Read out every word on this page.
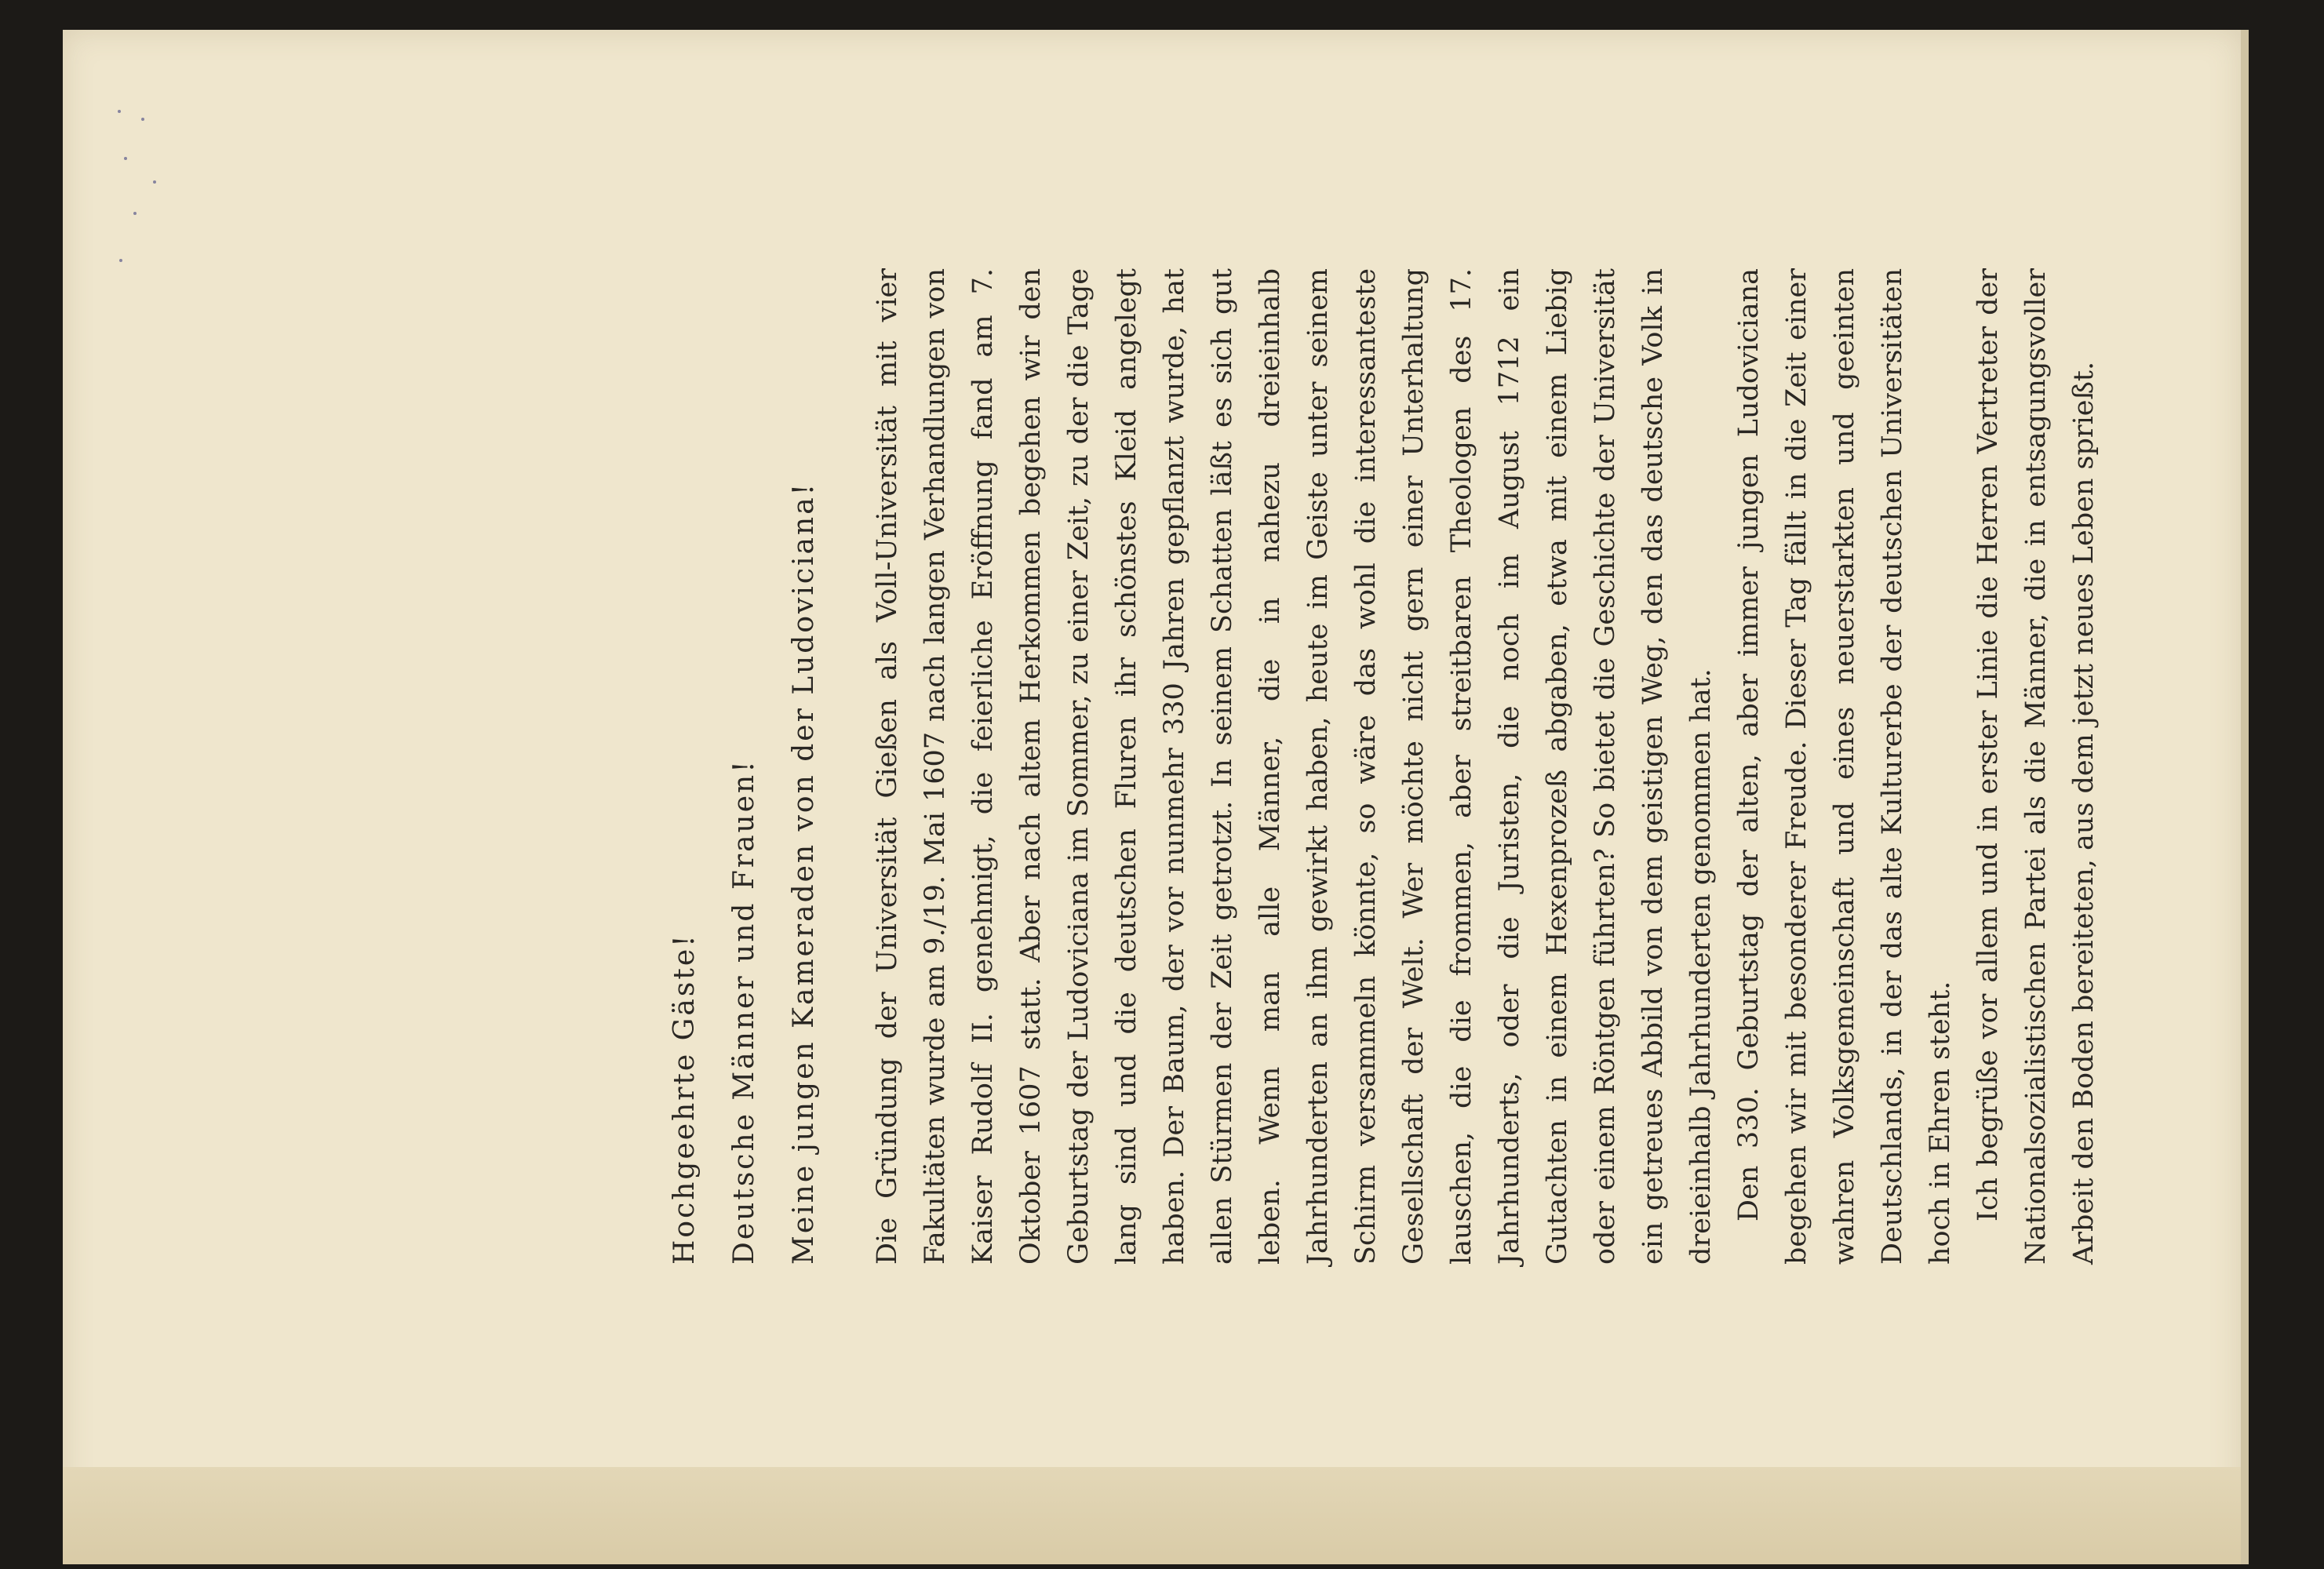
Hochgeehrte Gäste! Deutsche Männer und Frauen! Meine jungen Kameraden von der Ludoviciana!	Die Gründung der Universität Gießen als Voll-Universität mit vier Fakultäten wurde am 9./19. Mai 1607 nach langen Verhandlungen von Kaiser Rudolf II. genehmigt, die feierliche Eröffnung fand am 7. Oktober 1607 statt. Aber nach altem Herkommen begehen wir den Geburtstag der Ludoviciana im Sommer, zu einer Zeit, zu der die Tage lang sind und die deutschen Fluren ihr schönstes Kleid angelegt haben. Der Baum, der vor nunmehr 330 Jahren gepflanzt wurde, hat allen Stürmen der Zeit getrotzt. In seinem Schatten läßt es sich gut leben. Wenn man alle Männer, die in nahezu dreieinhalb Jahrhunderten an ihm gewirkt haben, heute im Geiste unter seinem Schirm versammeln könnte, so wäre das wohl die interessanteste Gesellschaft der Welt. Wer möchte nicht gern einer Unterhaltung lauschen, die die frommen, aber streitbaren Theologen des 17. Jahrhunderts, oder die Juristen, die noch im August 1712 ein Gutachten in einem Hexenprozeß abgaben, etwa mit einem Liebig oder einem Röntgen führten? So bietet die Geschichte der Universität ein getreues Abbild von dem geistigen Weg, den das deutsche Volk in dreieinhalb Jahrhunderten genommen hat. Den 330. Geburtstag der alten, aber immer jungen Ludoviciana begehen wir mit besonderer Freude. Dieser Tag fällt in die Zeit einer wahren Volksgemeinschaft und eines neuerstarkten und geeinten Deutschlands, in der das alte Kulturerbe der deutschen Universitäten hoch in Ehren steht. Ich begrüße vor allem und in erster Linie die Herren Vertreter der Nationalsozialistischen Partei als die Männer, die in entsagungsvoller Arbeit den Boden bereiteten, aus dem jetzt neues Leben sprießt.
